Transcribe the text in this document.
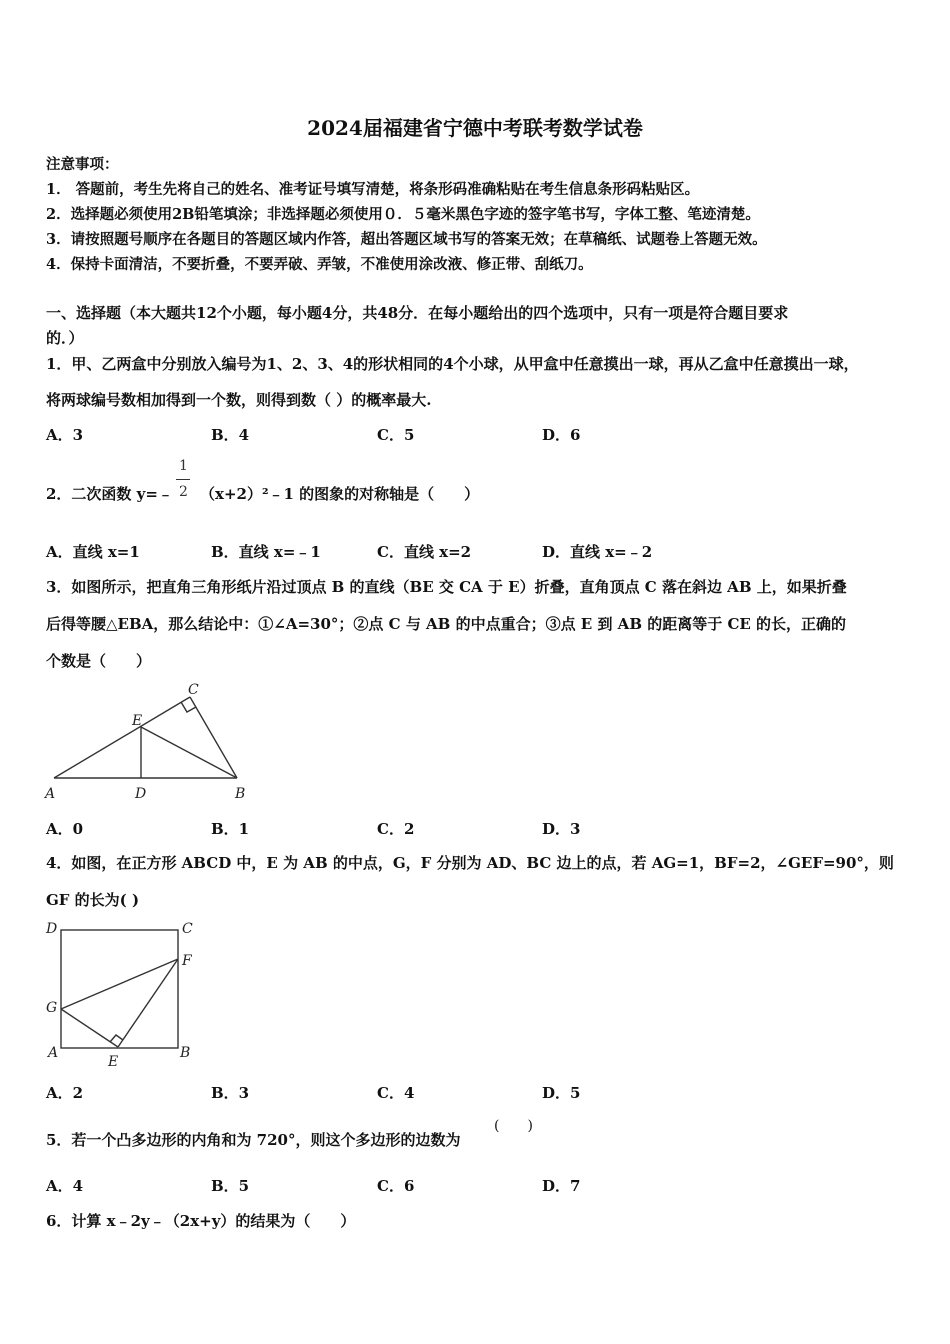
2024届福建省宁德中考联考数学试卷
注意事项：
1． 答题前，考生先将自己的姓名、准考证号填写清楚，将条形码准确粘贴在考生信息条形码粘贴区。
2．选择题必须使用2B铅笔填涂；非选择题必须使用０．５毫米黑色字迹的签字笔书写，字体工整、笔迹清楚。
3．请按照题号顺序在各题目的答题区域内作答，超出答题区域书写的答案无效；在草稿纸、试题卷上答题无效。
4．保持卡面清洁，不要折叠，不要弄破、弄皱，不准使用涂改液、修正带、刮纸刀。
一、选择题（本大题共12个小题，每小题4分，共48分．在每小题给出的四个选项中，只有一项是符合题目要求
的．）
1．甲、乙两盒中分别放入编号为1、2、3、4的形状相同的4个小球，从甲盒中任意摸出一球，再从乙盒中任意摸出一球，
将两球编号数相加得到一个数，则得到数（ ）的概率最大.
A．3	B．4	C．5	D．6
2．二次函数 y=﹣
1
2 （x+2）²﹣1 的图象的对称轴是（　　）
A．直线 x=1	B．直线 x=﹣1	C．直线 x=2	D．直线 x=﹣2
3．如图所示，把直角三角形纸片沿过顶点 B 的直线（BE 交 CA 于 E）折叠，直角顶点 C 落在斜边 AB 上，如果折叠
后得等腰△EBA，那么结论中：①∠A=30°；②点 C 与 AB 的中点重合；③点 E 到 AB 的距离等于 CE 的长，正确的
个数是（　　）
C
E
A	D	B
A．0	B．1	C．2	D．3
4．如图，在正方形 ABCD 中，E 为 AB 的中点，G，F 分别为 AD、BC 边上的点，若 AG=1，BF=2，∠GEF=90°，则
GF 的长为( )
D	C
F
G
A
E
B
A．2	B．3	C．4	D．5
5．若一个凸多边形的内角和为 720°，则这个多边形的边数为
(　　)
A．4	B．5	C．6	D．7
6．计算 x﹣2y﹣（2x+y）的结果为（　　）
